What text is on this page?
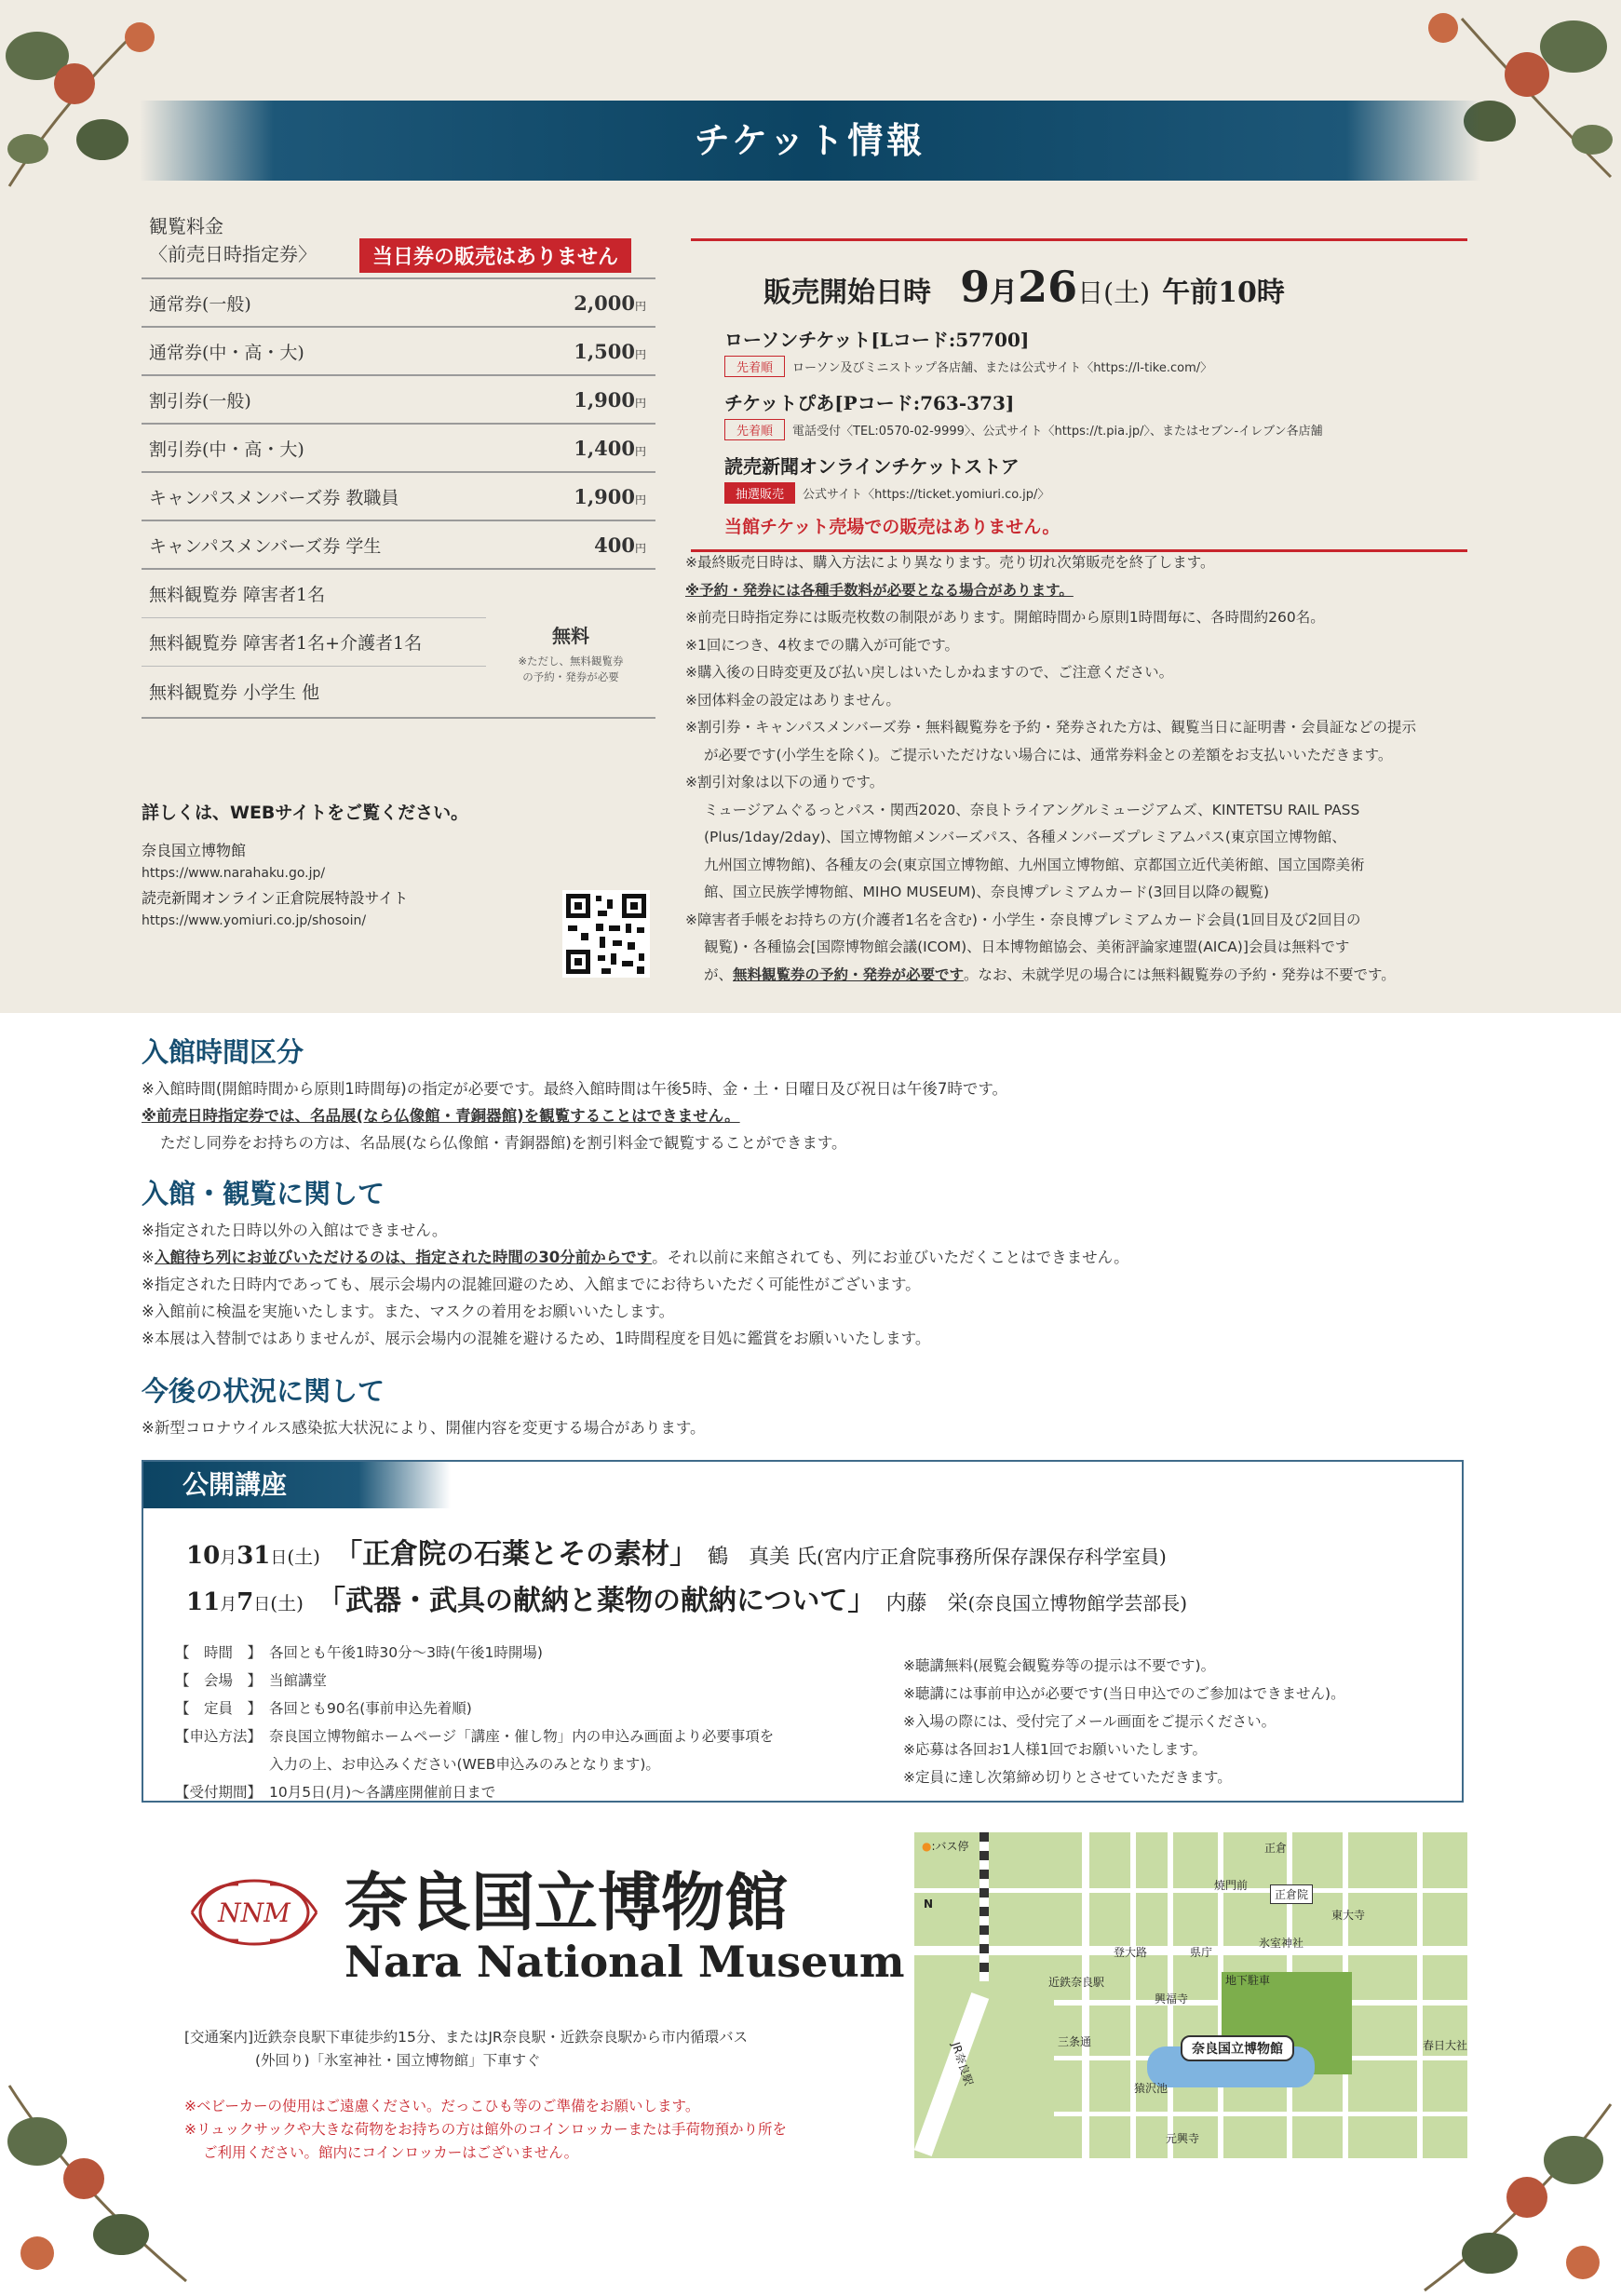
チケット情報
観覧料金
〈前売日時指定券〉	当日券の販売はありません
通常券(一般)	2,000円
通常券(中・高・大)	1,500円
割引券(一般)	1,900円
割引券(中・高・大)	1,400円
キャンパスメンバーズ券 教職員	1,900円
キャンパスメンバーズ券 学生	400円
無料観覧券 障害者1名
無料観覧券 障害者1名+介護者1名
無料観覧券 小学生 他
無料
※ただし、無料観覧券
の予約・発券が必要
詳しくは、WEBサイトをご覧ください。
奈良国立博物館
https://www.narahaku.go.jp/
読売新聞オンライン正倉院展特設サイト
https://www.yomiuri.co.jp/shosoin/
販売開始日時 9月26日(土) 午前10時
ローソンチケット[Lコード:57700]
先着順 ローソン及びミニストップ各店舗、または公式サイト〈https://l-tike.com/〉
チケットぴあ[Pコード:763-373]
先着順 電話受付〈TEL:0570-02-9999〉、公式サイト〈https://t.pia.jp/〉、またはセブン-イレブン各店舗
読売新聞オンラインチケットストア
抽選販売 公式サイト〈https://ticket.yomiuri.co.jp/〉
当館チケット売場での販売はありません。
※最終販売日時は、購入方法により異なります。売り切れ次第販売を終了します。
※予約・発券には各種手数料が必要となる場合があります。
※前売日時指定券には販売枚数の制限があります。開館時間から原則1時間毎に、各時間約260名。
※1回につき、4枚までの購入が可能です。
※購入後の日時変更及び払い戻しはいたしかねますので、ご注意ください。
※団体料金の設定はありません。
※割引券・キャンパスメンバーズ券・無料観覧券を予約・発券された方は、観覧当日に証明書・会員証などの提示
が必要です(小学生を除く)。ご提示いただけない場合には、通常券料金との差額をお支払いいただきます。
※割引対象は以下の通りです。
ミュージアムぐるっとパス・関西2020、奈良トライアングルミュージアムズ、KINTETSU RAIL PASS
(Plus/1day/2day)、国立博物館メンバーズパス、各種メンバーズプレミアムパス(東京国立博物館、
九州国立博物館)、各種友の会(東京国立博物館、九州国立博物館、京都国立近代美術館、国立国際美術
館、国立民族学博物館、MIHO MUSEUM)、奈良博プレミアムカード(3回目以降の観覧)
※障害者手帳をお持ちの方(介護者1名を含む)・小学生・奈良博プレミアムカード会員(1回目及び2回目の
観覧)・各種協会[国際博物館会議(ICOM)、日本博物館協会、美術評論家連盟(AICA)]会員は無料です
が、無料観覧券の予約・発券が必要です。なお、未就学児の場合には無料観覧券の予約・発券は不要です。
入館時間区分
※入館時間(開館時間から原則1時間毎)の指定が必要です。最終入館時間は午後5時、金・土・日曜日及び祝日は午後7時です。
※前売日時指定券では、名品展(なら仏像館・青銅器館)を観覧することはできません。
ただし同券をお持ちの方は、名品展(なら仏像館・青銅器館)を割引料金で観覧することができます。
入館・観覧に関して
※指定された日時以外の入館はできません。
※入館待ち列にお並びいただけるのは、指定された時間の30分前からです。それ以前に来館されても、列にお並びいただくことはできません。
※指定された日時内であっても、展示会場内の混雑回避のため、入館までにお待ちいただく可能性がございます。
※入館前に検温を実施いたします。また、マスクの着用をお願いいたします。
※本展は入替制ではありませんが、展示会場内の混雑を避けるため、1時間程度を目処に鑑賞をお願いいたします。
今後の状況に関して
※新型コロナウイルス感染拡大状況により、開催内容を変更する場合があります。
公開講座
10月31日(土) 「正倉院の石薬とその素材」 鶴　真美 氏(宮内庁正倉院事務所保存課保存科学室員)
11月7日(土) 「武器・武具の献納と薬物の献納について」 内藤　栄(奈良国立博物館学芸部長)
【　時間　】	各回とも午後1時30分～3時(午後1時開場)
【　会場　】	当館講堂
【　定員　】	各回とも90名(事前申込先着順)
【申込方法】	奈良国立博物館ホームページ「講座・催し物」内の申込み画面より必要事項を
	入力の上、お申込みください(WEB申込みのみとなります)。
【受付期間】	10月5日(月)～各講座開催前日まで
※聴講無料(展覧会観覧券等の提示は不要です)。
※聴講には事前申込が必要です(当日申込でのご参加はできません)。
※入場の際には、受付完了メール画面をご提示ください。
※応募は各回お1人様1回でお願いいたします。
※定員に達し次第締め切りとさせていただきます。
NNM 奈良国立博物館
Nara National Museum
[交通案内]近鉄奈良駅下車徒歩約15分、またはJR奈良駅・近鉄奈良駅から市内循環バス
(外回り)「氷室神社・国立博物館」下車すぐ
※ベビーカーの使用はご遠慮ください。だっこひも等のご準備をお願いします。
※リュックサックや大きな荷物をお持ちの方は館外のコインロッカーまたは手荷物預かり所を
ご利用ください。館内にコインロッカーはございません。
●:バス停
N
正倉
焼門前
正倉院
東大寺
登大路	県庁
氷室神社
近鉄奈良駅
興福寺
地下駐車
三条通
JR奈良駅	奈良国立博物館
猿沢池
春日大社
元興寺
